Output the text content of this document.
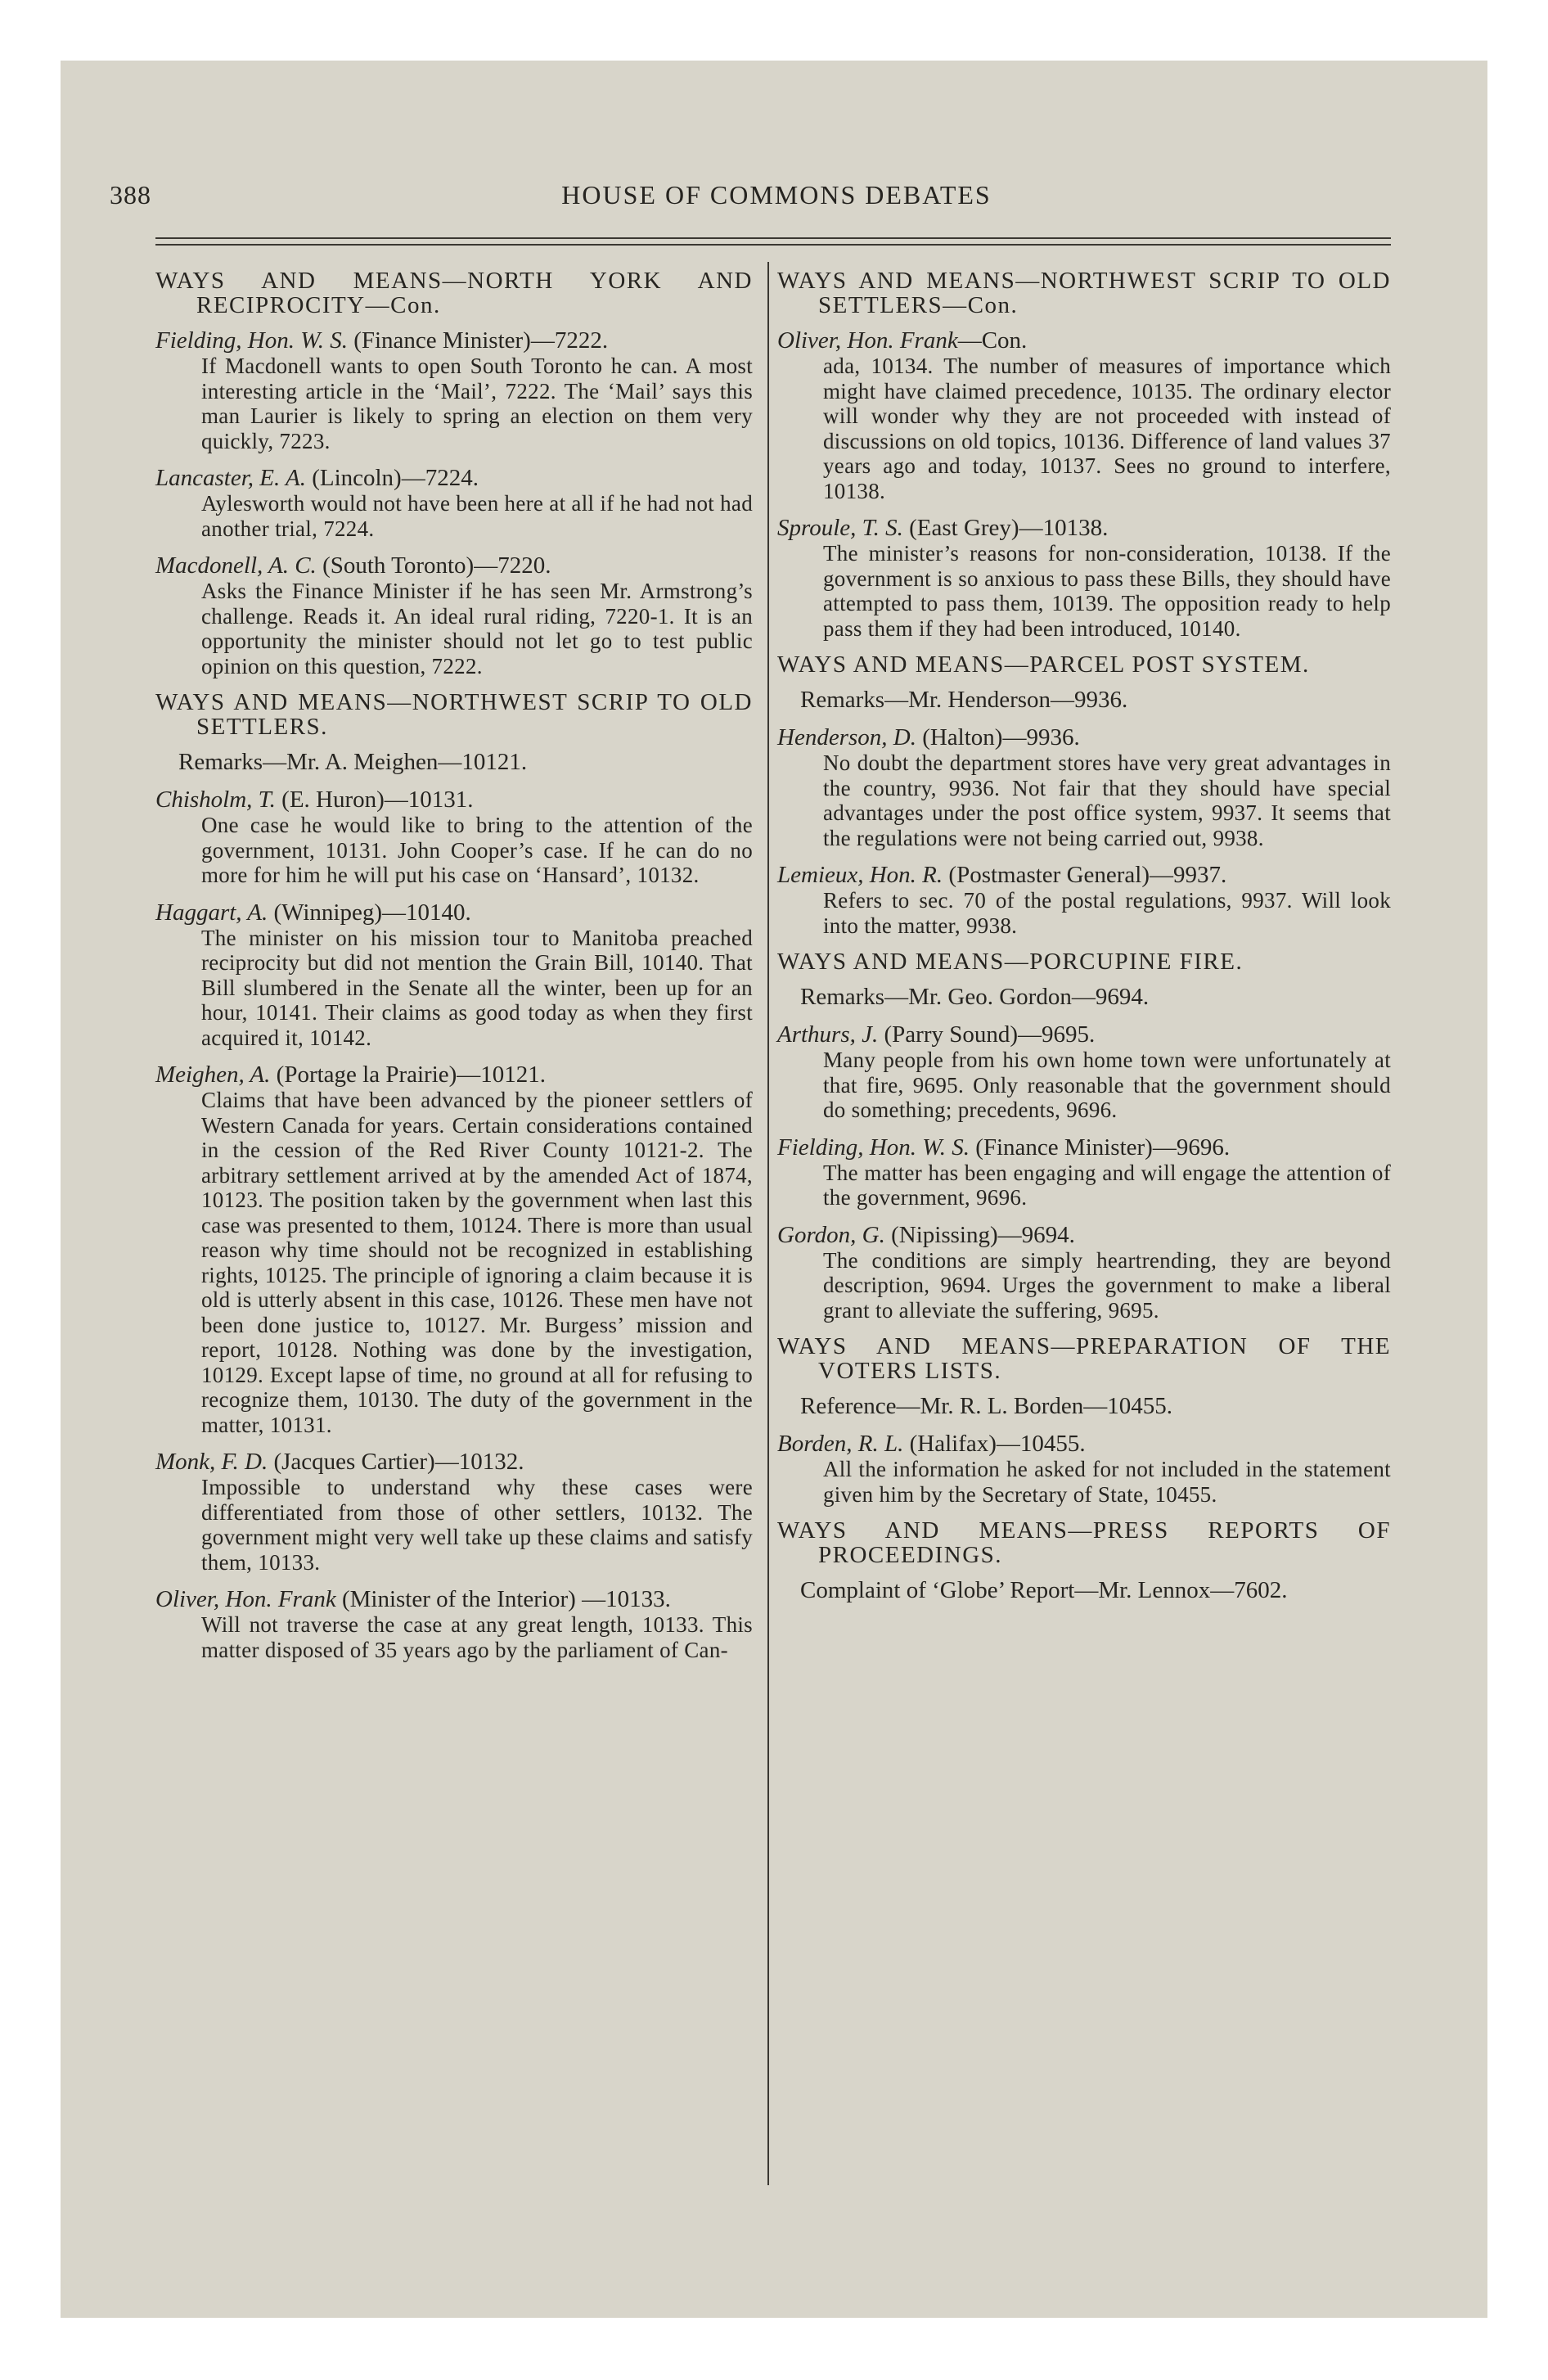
388	HOUSE OF COMMONS DEBATES
WAYS AND MEANS—NORTH YORK AND RECIPROCITY—Con.
Fielding, Hon. W. S. (Finance Minister)—7222.
If Macdonell wants to open South Toronto he can. A most interesting article in the ‘Mail’, 7222. The ‘Mail’ says this man Laurier is likely to spring an election on them very quickly, 7223.
Lancaster, E. A. (Lincoln)—7224.
Aylesworth would not have been here at all if he had not had another trial, 7224.
Macdonell, A. C. (South Toronto)—7220.
Asks the Finance Minister if he has seen Mr. Armstrong’s challenge. Reads it. An ideal rural riding, 7220-1. It is an opportunity the minister should not let go to test public opinion on this question, 7222.
WAYS AND MEANS—NORTHWEST SCRIP TO OLD SETTLERS.
Remarks—Mr. A. Meighen—10121.
Chisholm, T. (E. Huron)—10131.
One case he would like to bring to the attention of the government, 10131. John Cooper’s case. If he can do no more for him he will put his case on ‘Hansard’, 10132.
Haggart, A. (Winnipeg)—10140.
The minister on his mission tour to Manitoba preached reciprocity but did not mention the Grain Bill, 10140. That Bill slumbered in the Senate all the winter, been up for an hour, 10141. Their claims as good today as when they first acquired it, 10142.
Meighen, A. (Portage la Prairie)—10121.
Claims that have been advanced by the pioneer settlers of Western Canada for years. Certain considerations contained in the cession of the Red River County 10121-2. The arbitrary settlement arrived at by the amended Act of 1874, 10123. The position taken by the government when last this case was presented to them, 10124. There is more than usual reason why time should not be recognized in establishing rights, 10125. The principle of ignoring a claim because it is old is utterly absent in this case, 10126. These men have not been done justice to, 10127. Mr. Burgess’ mission and report, 10128. Nothing was done by the investigation, 10129. Except lapse of time, no ground at all for refusing to recognize them, 10130. The duty of the government in the matter, 10131.
Monk, F. D. (Jacques Cartier)—10132.
Impossible to understand why these cases were differentiated from those of other settlers, 10132. The government might very well take up these claims and satisfy them, 10133.
Oliver, Hon. Frank (Minister of the Interior) —10133.
Will not traverse the case at any great length, 10133. This matter disposed of 35 years ago by the parliament of Can-
WAYS AND MEANS—NORTHWEST SCRIP TO OLD SETTLERS—Con.
Oliver, Hon. Frank—Con.
ada, 10134. The number of measures of importance which might have claimed precedence, 10135. The ordinary elector will wonder why they are not proceeded with instead of discussions on old topics, 10136. Difference of land values 37 years ago and today, 10137. Sees no ground to interfere, 10138.
Sproule, T. S. (East Grey)—10138.
The minister’s reasons for non-consideration, 10138. If the government is so anxious to pass these Bills, they should have attempted to pass them, 10139. The opposition ready to help pass them if they had been introduced, 10140.
WAYS AND MEANS—PARCEL POST SYSTEM.
Remarks—Mr. Henderson—9936.
Henderson, D. (Halton)—9936.
No doubt the department stores have very great advantages in the country, 9936. Not fair that they should have special advantages under the post office system, 9937. It seems that the regulations were not being carried out, 9938.
Lemieux, Hon. R. (Postmaster General)—9937.
Refers to sec. 70 of the postal regulations, 9937. Will look into the matter, 9938.
WAYS AND MEANS—PORCUPINE FIRE.
Remarks—Mr. Geo. Gordon—9694.
Arthurs, J. (Parry Sound)—9695.
Many people from his own home town were unfortunately at that fire, 9695. Only reasonable that the government should do something; precedents, 9696.
Fielding, Hon. W. S. (Finance Minister)—9696.
The matter has been engaging and will engage the attention of the government, 9696.
Gordon, G. (Nipissing)—9694.
The conditions are simply heartrending, they are beyond description, 9694. Urges the government to make a liberal grant to alleviate the suffering, 9695.
WAYS AND MEANS—PREPARATION OF THE VOTERS LISTS.
Reference—Mr. R. L. Borden—10455.
Borden, R. L. (Halifax)—10455.
All the information he asked for not included in the statement given him by the Secretary of State, 10455.
WAYS AND MEANS—PRESS REPORTS OF PROCEEDINGS.
Complaint of ‘Globe’ Report—Mr. Lennox—7602.
